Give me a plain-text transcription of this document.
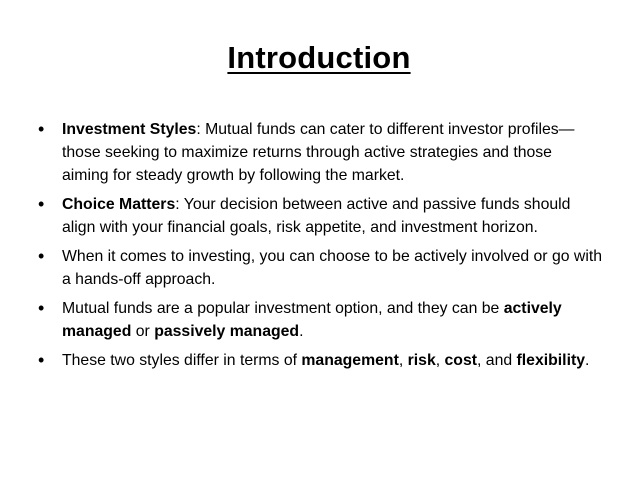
Introduction
• Investment Styles: Mutual funds can cater to different investor profiles—those seeking to maximize returns through active strategies and those aiming for steady growth by following the market.
• Choice Matters: Your decision between active and passive funds should align with your financial goals, risk appetite, and investment horizon.
• When it comes to investing, you can choose to be actively involved or go with a hands-off approach.
• Mutual funds are a popular investment option, and they can be actively managed or passively managed.
• These two styles differ in terms of management, risk, cost, and flexibility.
